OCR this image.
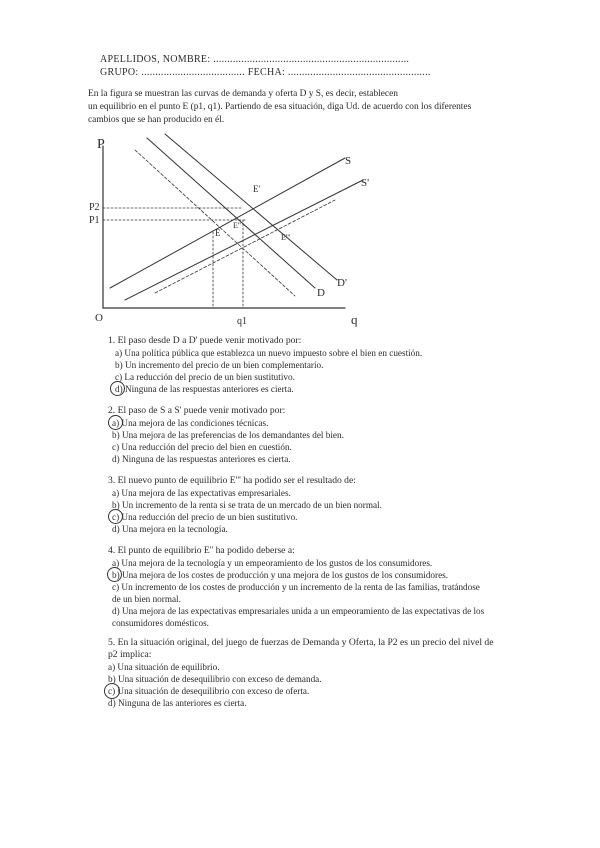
APELLIDOS, NOMBRE: ......................................................................
GRUPO: ..................................... FECHA: ...................................................
En la figura se muestran las curvas de demanda y oferta D y S, es decir, establecen
un equilibrio en el punto E (p1, q1). Partiendo de esa situación, diga Ud. de acuerdo con los diferentes
cambios que se han producido en él.
P
q
O
P2
P1
q1
S
S'
D
D'
E
E'
E''
E'''
1. El paso desde D a D' puede venir motivado por:
a) Una política pública que establezca un nuevo impuesto sobre el bien en cuestión.
b) Un incremento del precio de un bien complementario.
c) La reducción del precio de un bien sustitutivo.
d) Ninguna de las respuestas anteriores es cierta.
2. El paso de S a S' puede venir motivado por:
a) Una mejora de las condiciones técnicas.
b) Una mejora de las preferencias de los demandantes del bien.
c) Una reducción del precio del bien en cuestión.
d) Ninguna de las respuestas anteriores es cierta.
3. El nuevo punto de equilibrio E''' ha podido ser el resultado de:
a) Una mejora de las expectativas empresariales.
b) Un incremento de la renta si se trata de un mercado de un bien normal.
c) Una reducción del precio de un bien sustitutivo.
d) Una mejora en la tecnología.
4. El punto de equilibrio E'' ha podido deberse a:
a) Una mejora de la tecnología y un empeoramiento de los gustos de los consumidores.
b) Una mejora de los costes de producción y una mejora de los gustos de los consumidores.
c) Un incremento de los costes de producción y un incremento de la renta de las familias, tratándose
de un bien normal.
d) Una mejora de las expectativas empresariales unida a un empeoramiento de las expectativas de los
consumidores domésticos.
5. En la situación original, del juego de fuerzas de Demanda y Oferta, la P2 es un precio del nivel de
p2 implica:
a) Una situación de equilibrio.
b) Una situación de desequilibrio con exceso de demanda.
c) Una situación de desequilibrio con exceso de oferta.
d) Ninguna de las anteriores es cierta.
